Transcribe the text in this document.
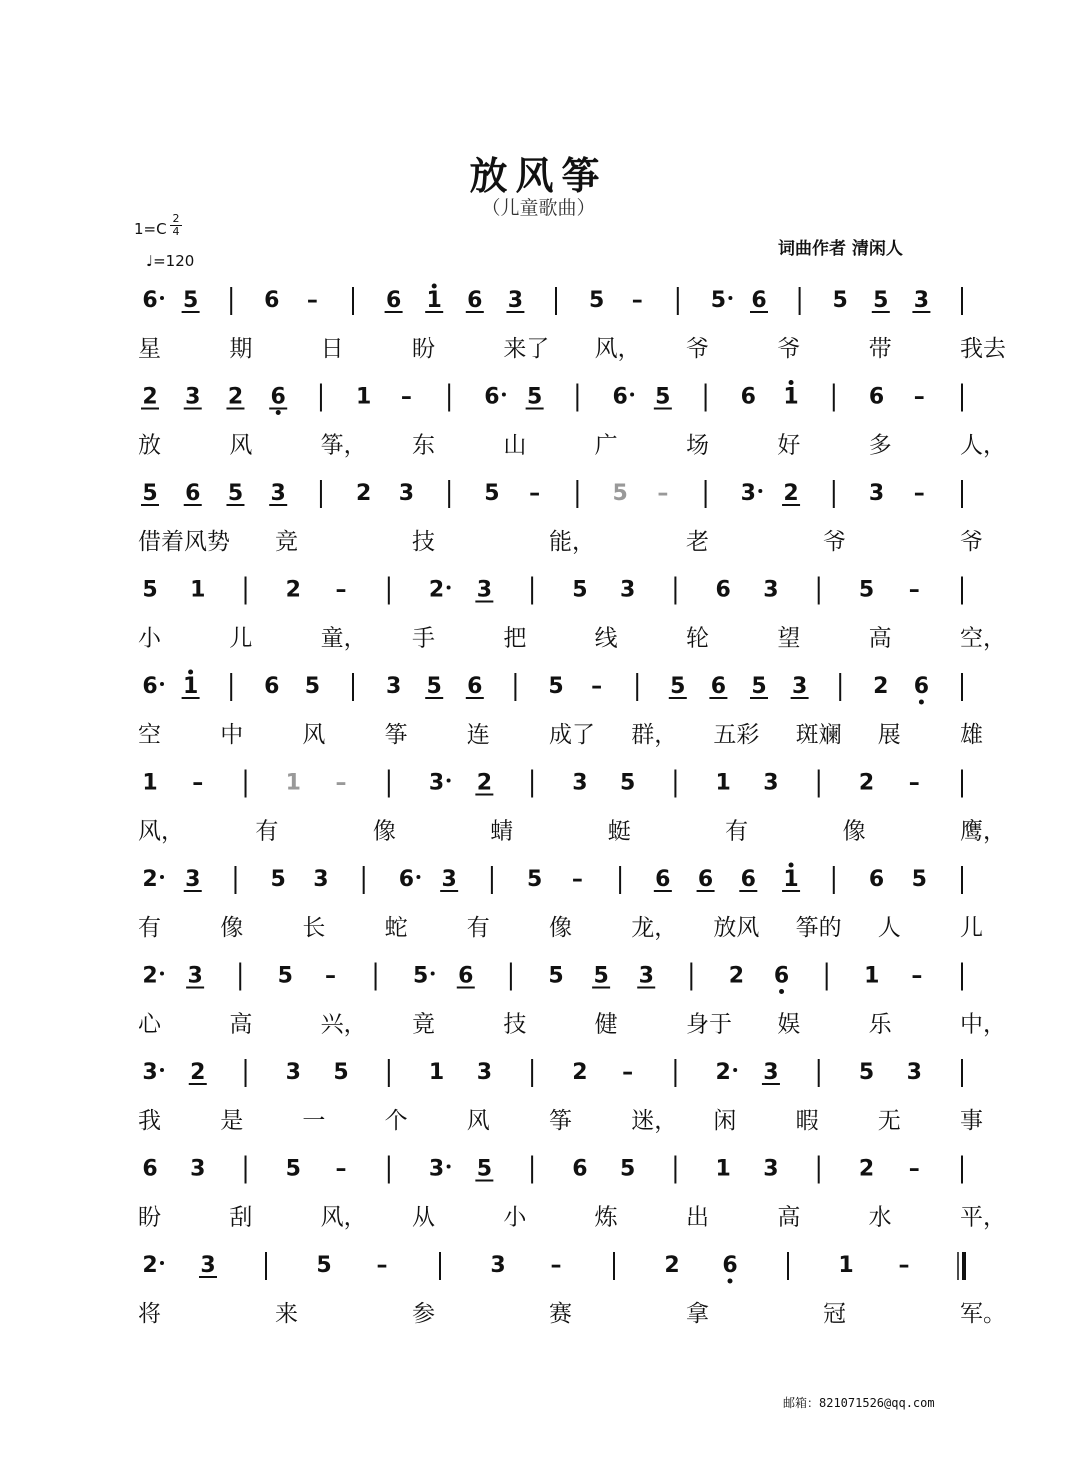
放风筝
（儿童歌曲）
1=C
2
4
♩=120
词曲作者 清闲人
6 5	6 –	6 1 6 3	5 –	5 6	5 5 3
星	期	日	盼	来了 风， 爷	爷	带	我去
2 3 2 6	1 –	6 5	6 5	6 1	6 –
放	风	筝， 东	山	广	场	好	多	人，
5 6 5 3	2 3	5 –	5 –	3 2	3 –
借着风势 竞	技	能，	老	爷	爷
5 1	2 –	2 3	5 3	6 3	5 –
小	儿	童， 手	把	线	轮	望	高	空，
6 1	6 5	3 5 6	5 –	5 6 5 3	2 6
空	中	风	筝	连	成了 群， 五彩 斑斓 展	雄
1 –	1 –	3 2	3 5	1 3	2 –
风，	有	像	蜻	蜓	有	像	鹰，
2 3	5 3	6 3	5 –	6 6 6 1	6 5
有	像	长	蛇	有	像	龙， 放风 筝的 人	儿
2 3	5 –	5 6	5 5 3	2 6	1 –
心	高	兴， 竟	技	健	身于 娱	乐	中，
3 2	3 5	1 3	2 –	2 3	5 3
我	是	一	个	风	筝	迷， 闲	暇	无	事
6 3	5 –	3 5	6 5	1 3	2 –
盼	刮	风， 从	小	炼	出	高	水	平，
2 3	5 –	3 –	2 6	1 –
将	来	参	赛	拿	冠	军。
邮箱：821071526@qq.com
